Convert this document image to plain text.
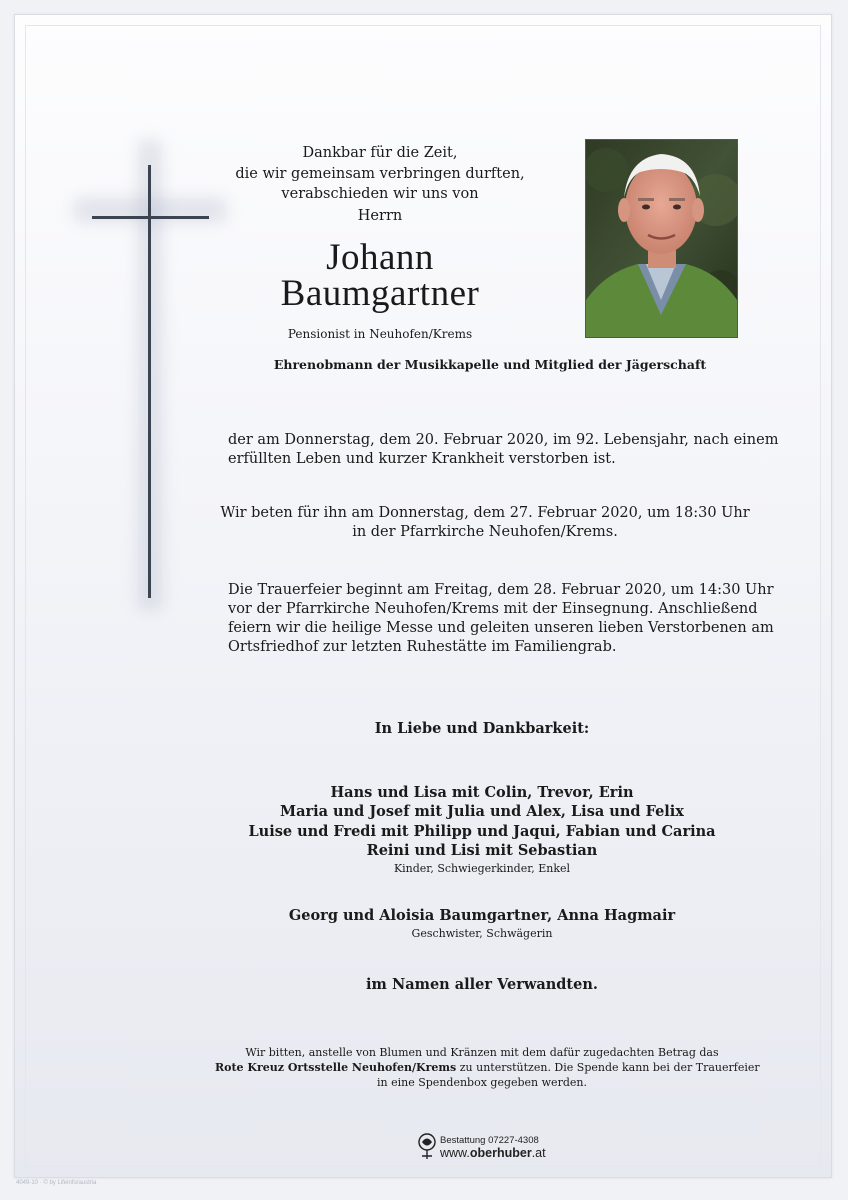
Dankbar für die Zeit,
die wir gemeinsam verbringen durften,
verabschieden wir uns von
Herrn
Johann
Baumgartner
Pensionist in Neuhofen/Krems
Ehrenobmann der Musikkapelle und Mitglied der Jägerschaft
der am Donnerstag, dem 20. Februar 2020, im 92. Lebensjahr, nach einem
erfüllten Leben und kurzer Krankheit verstorben ist.
Wir beten für ihn am Donnerstag, dem 27. Februar 2020, um 18:30 Uhr
in der Pfarrkirche Neuhofen/Krems.
Die Trauerfeier beginnt am Freitag, dem 28. Februar 2020, um 14:30 Uhr
vor der Pfarrkirche Neuhofen/Krems mit der Einsegnung. Anschließend
feiern wir die heilige Messe und geleiten unseren lieben Verstorbenen am
Ortsfriedhof zur letzten Ruhestätte im Familiengrab.
In Liebe und Dankbarkeit:
Hans und Lisa mit Colin, Trevor, Erin
Maria und Josef mit Julia und Alex, Lisa und Felix
Luise und Fredi mit Philipp und Jaqui, Fabian und Carina
Reini und Lisi mit Sebastian
Kinder, Schwiegerkinder, Enkel
Georg und Aloisia Baumgartner, Anna Hagmair
Geschwister, Schwägerin
im Namen aller Verwandten.
Wir bitten, anstelle von Blumen und Kränzen mit dem dafür zugedachten Betrag das
Rote Kreuz Ortsstelle Neuhofen/Krems zu unterstützen. Die Spende kann bei der Trauerfeier
in eine Spendenbox gegeben werden.
Bestattung 07227-4308
www.oberhuber.at
4049-10 · © by Lifeinfo/austria
